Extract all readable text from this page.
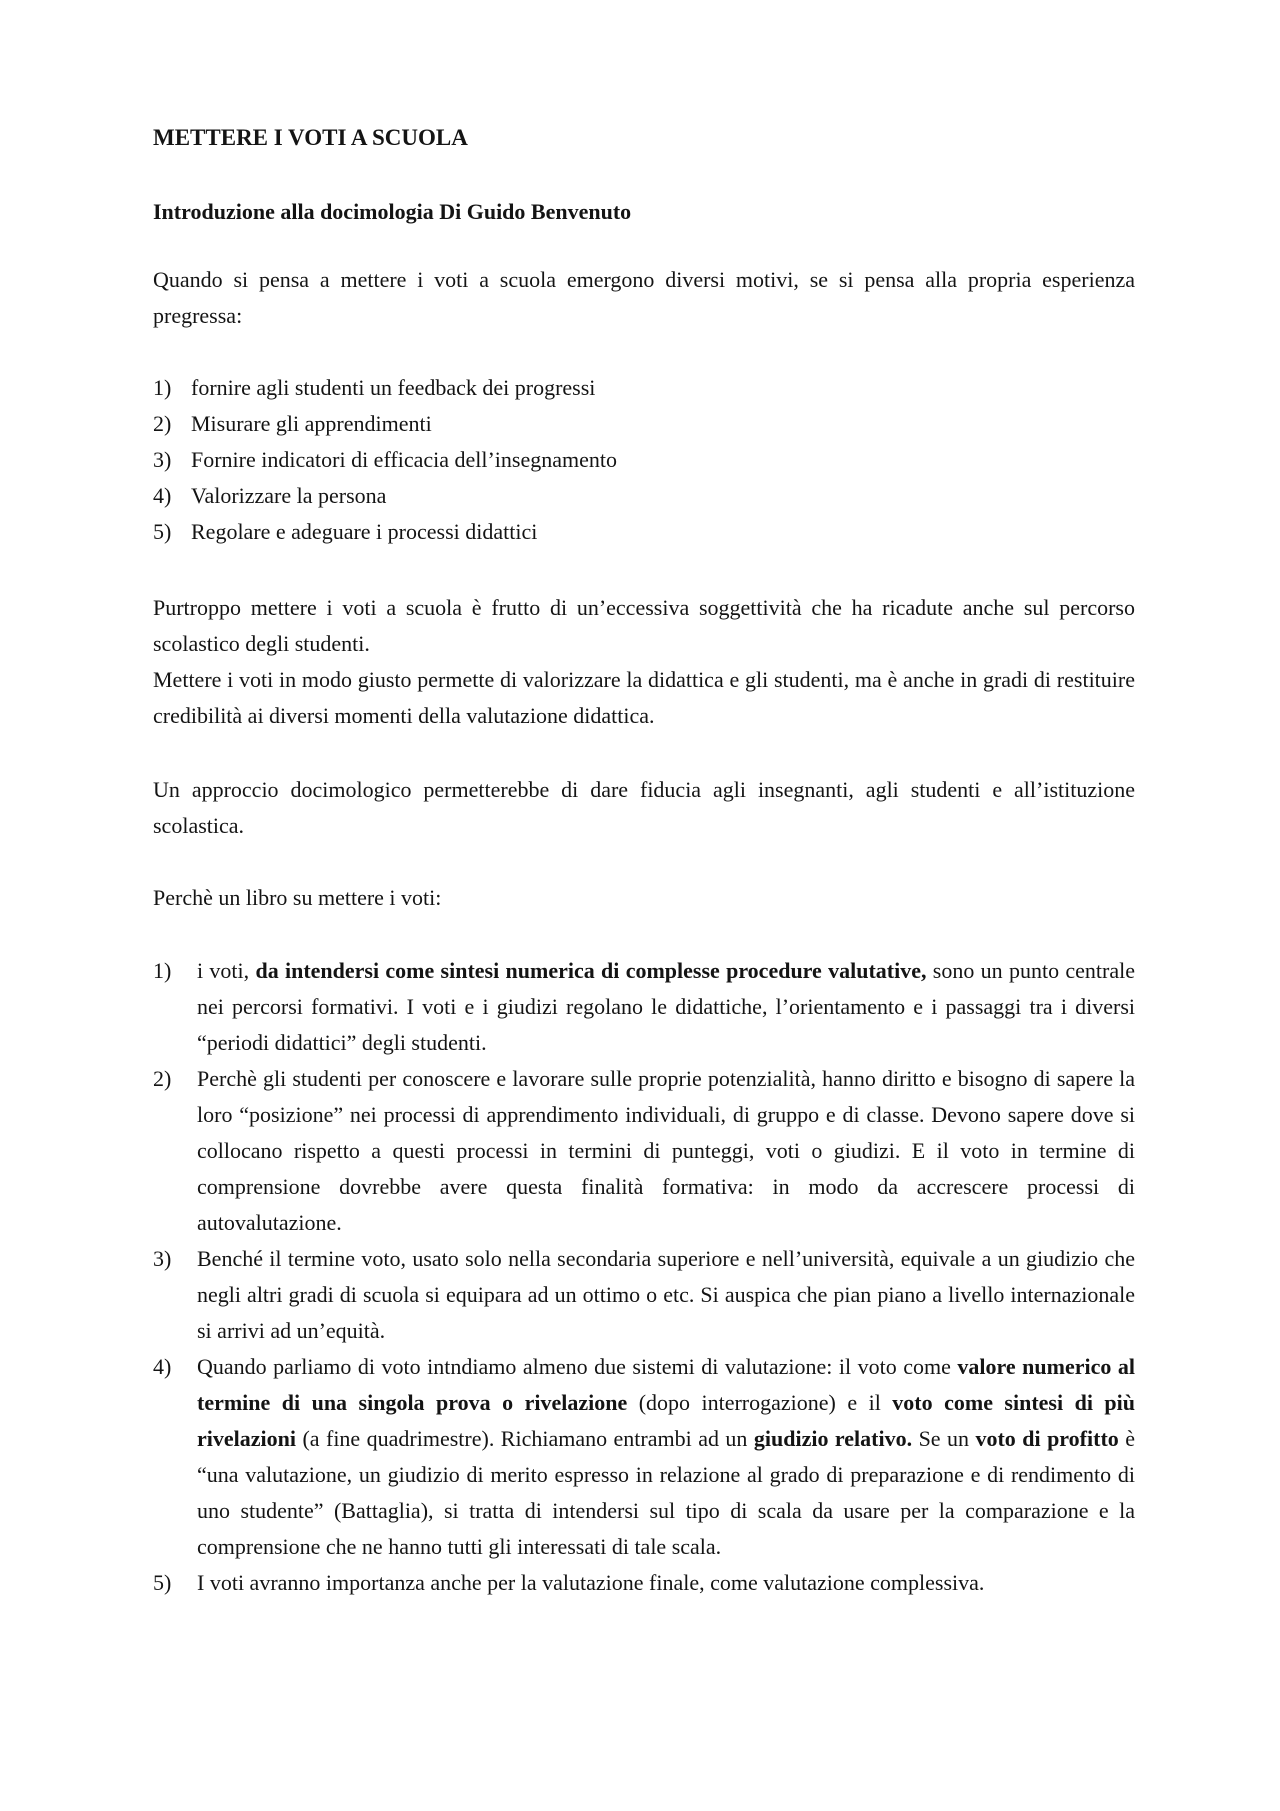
METTERE I VOTI A SCUOLA
Introduzione alla docimologia Di Guido Benvenuto

Quando si pensa a mettere i voti a scuola emergono diversi motivi, se si pensa alla propria esperienza pregressa:

1) fornire agli studenti un feedback dei progressi
2) Misurare gli apprendimenti
3) Fornire indicatori di efficacia dell’insegnamento
4) Valorizzare la persona
5) Regolare e adeguare i processi didattici

Purtroppo mettere i voti a scuola è frutto di un’eccessiva soggettività che ha ricadute anche sul percorso scolastico degli studenti.

Mettere i voti in modo giusto permette di valorizzare la didattica e gli studenti, ma è anche in gradi di restituire credibilità ai diversi momenti della valutazione didattica.

Un approccio docimologico permetterebbe di dare fiducia agli insegnanti, agli studenti e all’istituzione scolastica.

Perchè un libro su mettere i voti:

1) i voti, da intendersi come sintesi numerica di complesse procedure valutative, sono un punto centrale nei percorsi formativi. I voti e i giudizi regolano le didattiche, l’orientamento e i passaggi tra i diversi “periodi didattici” degli studenti.
2) Perchè gli studenti per conoscere e lavorare sulle proprie potenzialità, hanno diritto e bisogno di sapere la loro “posizione” nei processi di apprendimento individuali, di gruppo e di classe. Devono sapere dove si collocano rispetto a questi processi in termini di punteggi, voti o giudizi. E il voto in termine di comprensione dovrebbe avere questa finalità formativa: in modo da accrescere processi di autovalutazione.
3) Benché il termine voto, usato solo nella secondaria superiore e nell’università, equivale a un giudizio che negli altri gradi di scuola si equipara ad un ottimo o etc. Si auspica che pian piano a livello internazionale si arrivi ad un’equità.
4) Quando parliamo di voto intndiamo almeno due sistemi di valutazione: il voto come valore numerico al termine di una singola prova o rivelazione (dopo interrogazione) e il voto come sintesi di più rivelazioni (a fine quadrimestre). Richiamano entrambi ad un giudizio relativo. Se un voto di profitto è “una valutazione, un giudizio di merito espresso in relazione al grado di preparazione e di rendimento di uno studente” (Battaglia), si tratta di intendersi sul tipo di scala da usare per la comparazione e la comprensione che ne hanno tutti gli interessati di tale scala.
5) I voti avranno importanza anche per la valutazione finale, come valutazione complessiva.
